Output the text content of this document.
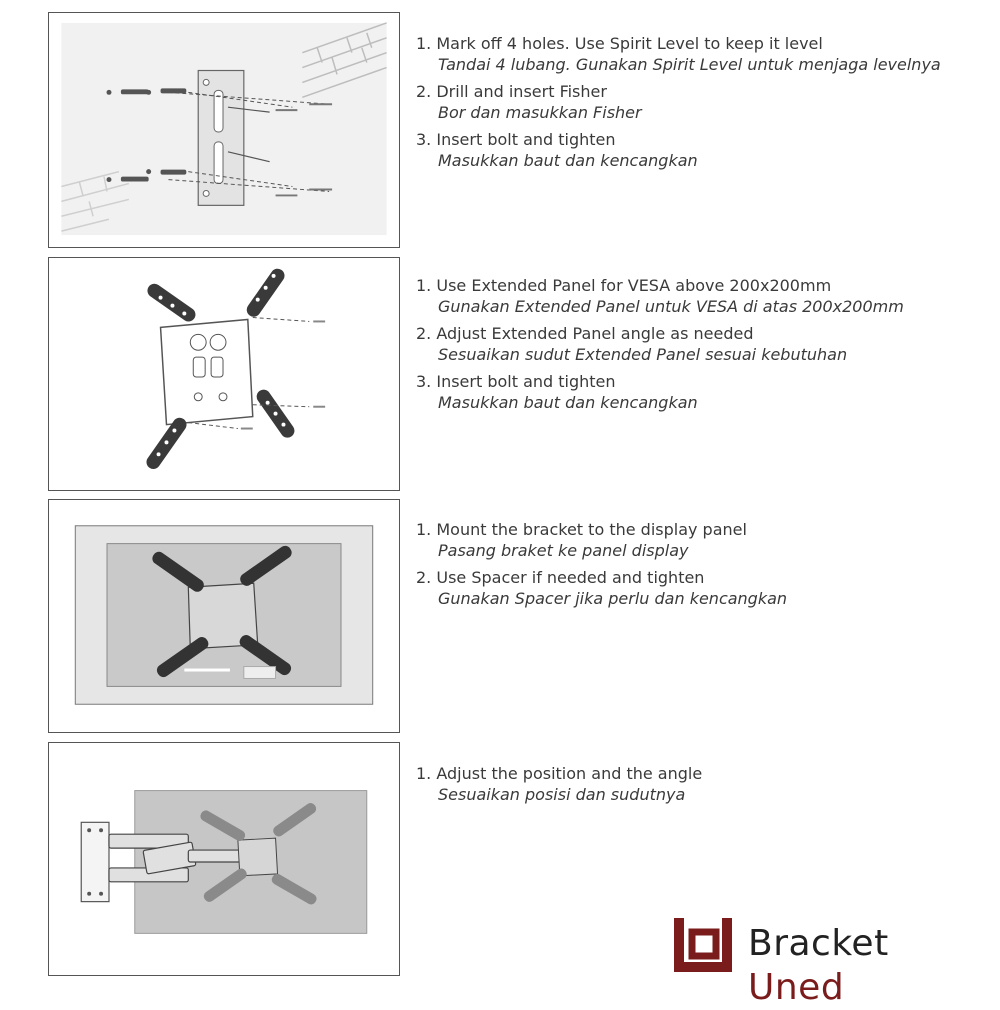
1. Mark off 4 holes. Use Spirit Level to keep it level
Tandai 4 lubang. Gunakan Spirit Level untuk menjaga levelnya
2. Drill and insert Fisher
Bor dan masukkan Fisher
3. Insert bolt and tighten
Masukkan baut dan kencangkan
1. Use Extended Panel for VESA above 200x200mm
Gunakan Extended Panel untuk VESA di atas 200x200mm
2. Adjust Extended Panel angle as needed
Sesuaikan sudut Extended Panel sesuai kebutuhan
3. Insert bolt and tighten
Masukkan baut dan kencangkan
1. Mount the bracket to the display panel
Pasang braket ke panel display
2. Use Spacer if needed and tighten
Gunakan Spacer jika perlu dan kencangkan
1. Adjust the position and the angle
Sesuaikan posisi dan sudutnya
Bracket Uned
